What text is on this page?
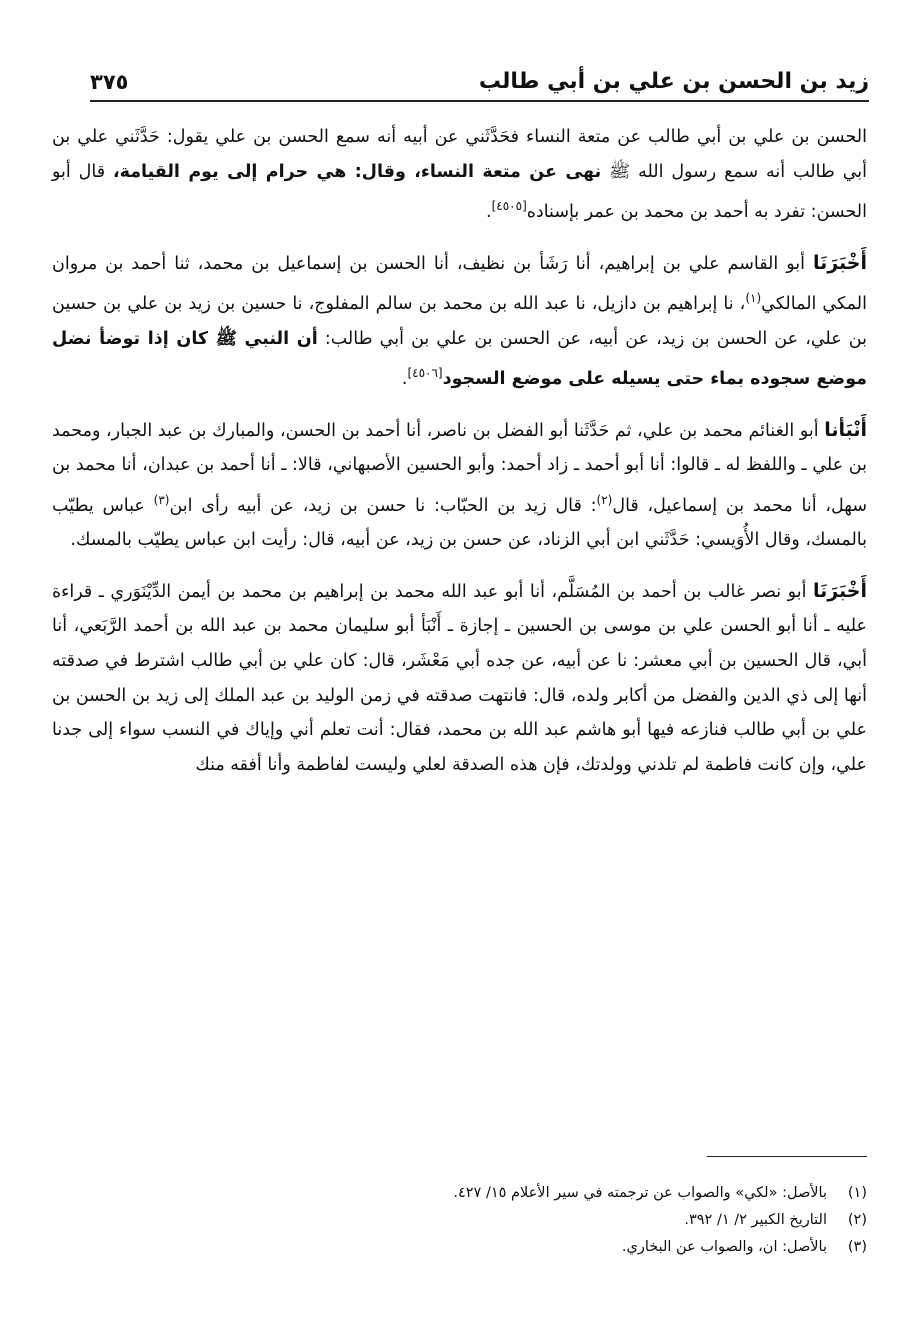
زيد بن الحسن بن علي بن أبي طالب
٣٧٥
الحسن بن علي بن أبي طالب عن متعة النساء فحَدَّثَني عن أبيه أنه سمع الحسن بن علي يقول: حَدَّثَني علي بن أبي طالب أنه سمع رسول الله ﷺ نهى عن متعة النساء، وقال: هي حرام إلى يوم القيامة، قال أبو الحسن: تفرد به أحمد بن محمد بن عمر بإسناده[٤٥٠٥].
أَخْبَرَنَا أبو القاسم علي بن إبراهيم، أنا رَشَأ بن نظيف، أنا الحسن بن إسماعيل بن محمد، ثنا أحمد بن مروان المكي المالكي$^{(١)}$، نا إبراهيم بن دازيل، نا عبد الله بن محمد بن سالم المفلوج، نا حسين بن زيد بن علي بن حسين بن علي، عن الحسن بن زيد، عن أبيه، عن الحسن بن علي بن أبي طالب: أن النبي ﷺ كان إذا توضأ نضل موضع سجوده بماء حتى يسيله على موضع السجود[٤٥٠٦].
أَنْبَأنا أبو الغنائم محمد بن علي، ثم حَدَّثَنا أبو الفضل بن ناصر، أنا أحمد بن الحسن، والمبارك بن عبد الجبار، ومحمد بن علي ـ واللفظ له ـ قالوا: أنا أبو أحمد ـ زاد أحمد: وأبو الحسين الأصبهاني، قالا: ـ أنا أحمد بن عبدان، أنا محمد بن سهل، أنا محمد بن إسماعيل، قال$^{(٢)}$: قال زيد بن الحبّاب: نا حسن بن زيد، عن أبيه رأى ابن$^{(٣)}$ عباس يطيّب بالمسك، وقال الأُوَيسي: حَدَّثَني ابن أبي الزناد، عن حسن بن زيد، عن أبيه، قال: رأيت ابن عباس يطيّب بالمسك.
أَخْبَرَنَا أبو نصر غالب بن أحمد بن المُسَلَّم، أنا أبو عبد الله محمد بن إبراهيم بن محمد بن أيمن الدِّيْنَوَري ـ قراءة عليه ـ أنا أبو الحسن علي بن موسى بن الحسين ـ إجازة ـ أَنْبَأ أبو سليمان محمد بن عبد الله بن أحمد الرَّبَعي، أنا أبي، قال الحسين بن أبي معشر: نا عن أبيه، عن جده أبي مَعْشَر، قال: كان علي بن أبي طالب اشترط في صدقته أنها إلى ذي الدين والفضل من أكابر ولده، قال: فانتهت صدقته في زمن الوليد بن عبد الملك إلى زيد بن الحسن بن علي بن أبي طالب فنازعه فيها أبو هاشم عبد الله بن محمد، فقال: أنت تعلم أني وإياك في النسب سواء إلى جدنا علي، وإن كانت فاطمة لم تلدني وولدتك، فإن هذه الصدقة لعلي وليست لفاطمة وأنا أفقه منك

(١)
بالأصل: «لكي» والصواب عن ترجمته في سير الأعلام ١٥/ ٤٢٧.

(٢)
التاريخ الكبير ٢/ ١/ ٣٩٢.

(٣)
بالأصل: ان، والصواب عن البخاري.
